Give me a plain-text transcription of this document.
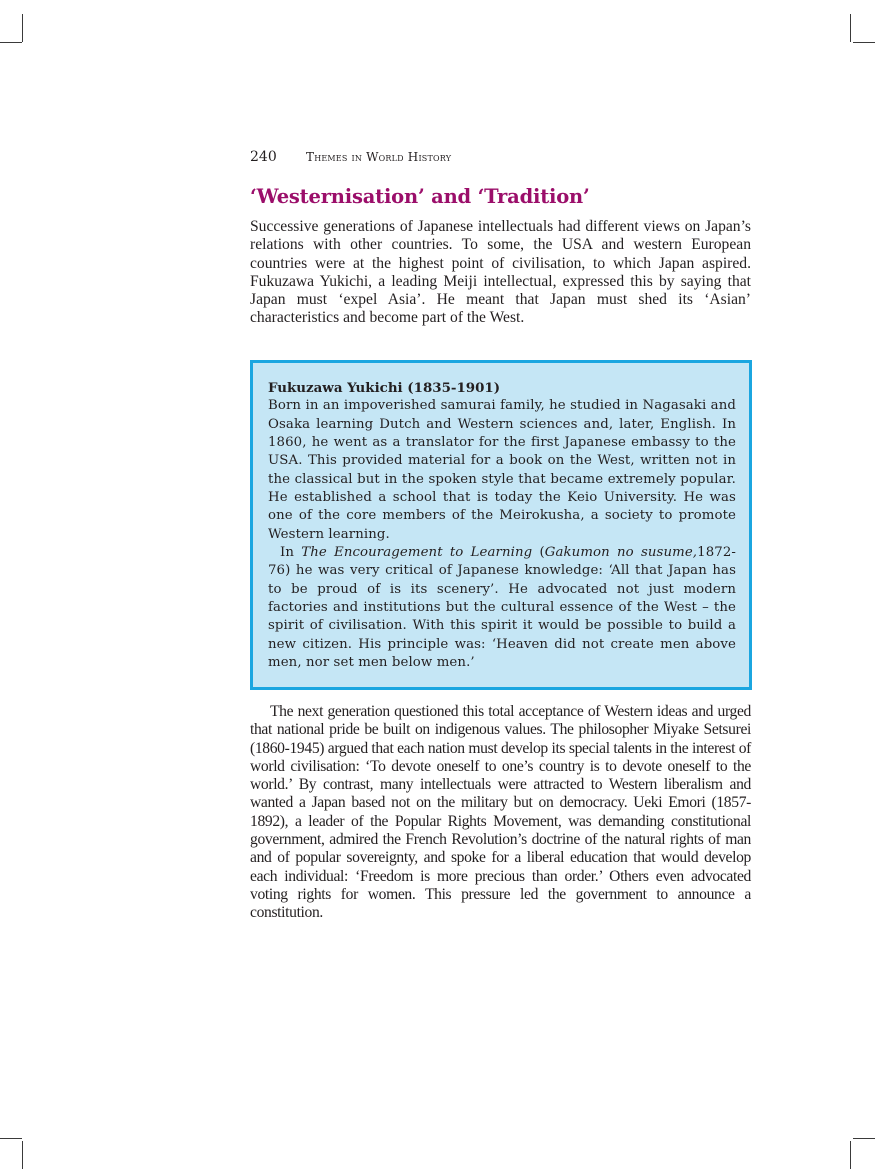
240 Themes in World History
‘Westernisation’ and ‘Tradition’

Successive generations of Japanese intellectuals had different views on Japan’s relations with other countries. To some, the USA and western European countries were at the highest point of civilisation, to which Japan aspired. Fukuzawa Yukichi, a leading Meiji intellectual, expressed this by saying that Japan must ‘expel Asia’. He meant that Japan must shed its ‘Asian’ characteristics and become part of the West.

Fukuzawa Yukichi (1835-1901)

Born in an impoverished samurai family, he studied in Nagasaki and Osaka learning Dutch and Western sciences and, later, English. In 1860, he went as a translator for the first Japanese embassy to the USA. This provided material for a book on the West, written not in the classical but in the spoken style that became extremely popular. He established a school that is today the Keio University. He was one of the core members of the Meirokusha, a society to promote Western learning.

In The Encouragement to Learning (Gakumon no susume,1872-76) he was very critical of Japanese knowledge: ‘All that Japan has to be proud of is its scenery’. He advocated not just modern factories and institutions but the cultural essence of the West – the spirit of civilisation. With this spirit it would be possible to build a new citizen. His principle was: ‘Heaven did not create men above men, nor set men below men.’

The next generation questioned this total acceptance of Western ideas and urged that national pride be built on indigenous values. The philosopher Miyake Setsurei (1860-1945) argued that each nation must develop its special talents in the interest of world civilisation: ‘To devote oneself to one’s country is to devote oneself to the world.’ By contrast, many intellectuals were attracted to Western liberalism and wanted a Japan based not on the military but on democracy. Ueki Emori (1857-1892), a leader of the Popular Rights Movement, was demanding constitutional government, admired the French Revolution’s doctrine of the natural rights of man and of popular sovereignty, and spoke for a liberal education that would develop each individual: ‘Freedom is more precious than order.’ Others even advocated voting rights for women. This pressure led the government to announce a constitution.
